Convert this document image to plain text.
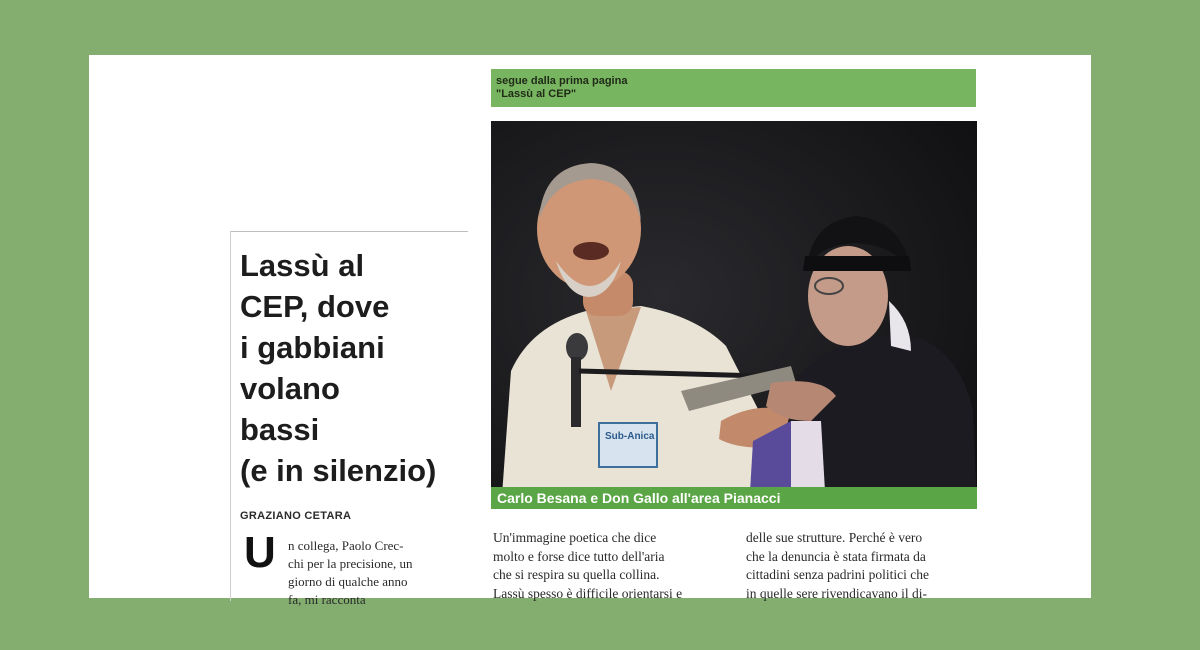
segue dalla prima pagina
"Lassù al CEP"
Sub-Anica
Carlo Besana e Don Gallo all'area Pianacci
Lassù al
CEP, dove
i gabbiani
volano
bassi
(e in silenzio)
GRAZIANO CETARA
U n collega, Paolo Crec-
chi per la precisione, un
giorno di qualche anno
fa, mi racconta
Un'immagine poetica che dice
molto e forse dice tutto dell'aria
che si respira su quella collina.
Lassù spesso è difficile orientarsi e
delle sue strutture. Perché è vero
che la denuncia è stata firmata da
cittadini senza padrini politici che
in quelle sere rivendicavano il di-
